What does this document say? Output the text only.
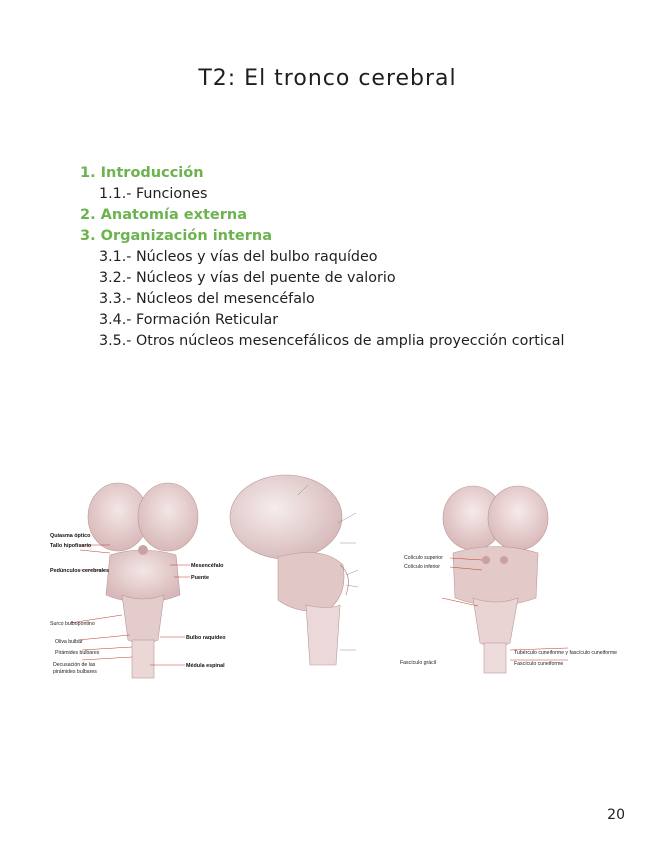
T2: El tronco cerebral
1. Introducción
1.1.- Funciones
2. Anatomía externa
3. Organización interna
3.1.- Núcleos y vías del bulbo raquídeo
3.2.- Núcleos y vías del puente de valorio
3.3.- Núcleos del mesencéfalo
3.4.- Formación Reticular
3.5.- Otros núcleos mesencefálicos de amplia proyección cortical
Quiasma óptico
Tallo hipofisario
Pedúnculos cerebrales
Surco bulbopontino
Oliva bulbar
Pirámides bulbares
Decusación de las
pirámides bulbares
Mesencéfalo
Puente
Bulbo raquídeo
Médula espinal
Colículo superior
Colículo inferior
Tubérculo cuneiforme y fascículo cuneiforme
Fascículo cuneiforme
Fascículo grácil
20
